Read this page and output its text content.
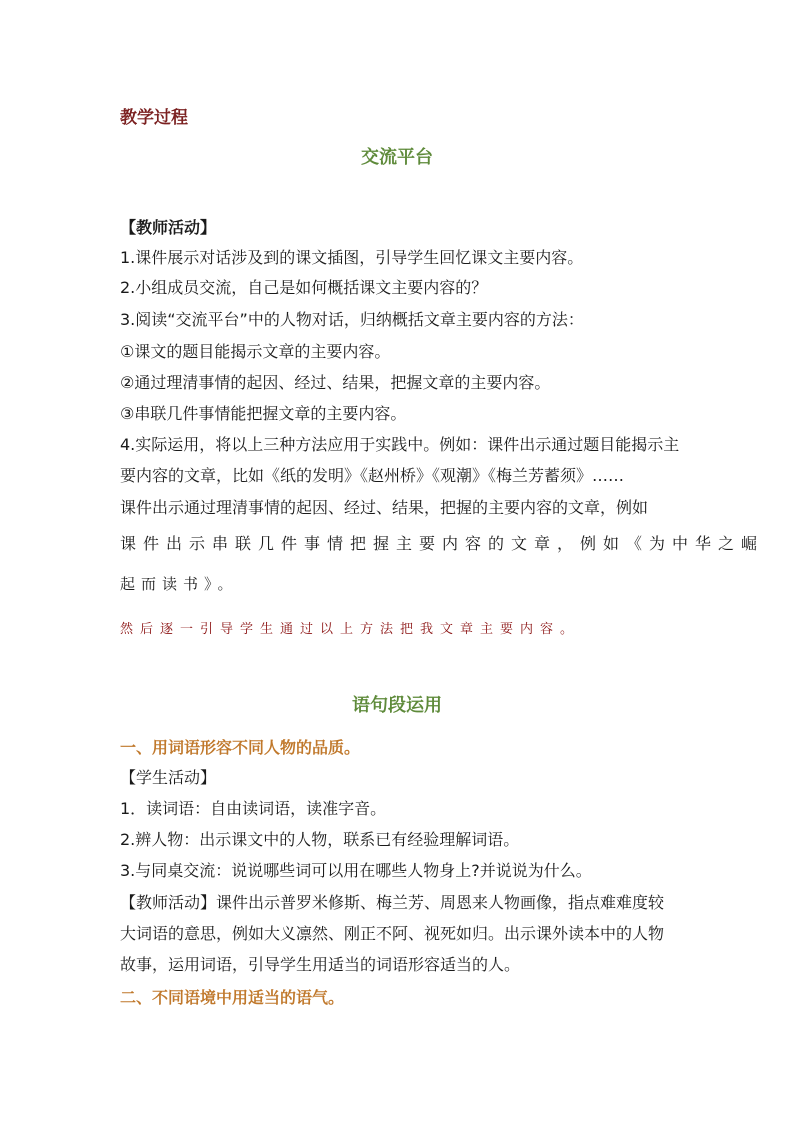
教学过程
交流平台
【教师活动】
1.课件展示对话涉及到的课文插图，引导学生回忆课文主要内容。
2.小组成员交流，自己是如何概括课文主要内容的？
3.阅读“交流平台”中的人物对话，归纳概括文章主要内容的方法：
①课文的题目能揭示文章的主要内容。
②通过理清事情的起因、经过、结果，把握文章的主要内容。
③串联几件事情能把握文章的主要内容。
4.实际运用，将以上三种方法应用于实践中。例如：课件出示通过题目能揭示主
要内容的文章，比如《纸的发明》《赵州桥》《观潮》《梅兰芳蓄须》……
课件出示通过理清事情的起因、经过、结果，把握的主要内容的文章，例如
课件出示串联几件事情把握主要内容的文章，例如《为中华之崛
起而读书》。
然后逐一引导学生通过以上方法把我文章主要内容。
语句段运用
一、用词语形容不同人物的品质。
【学生活动】
1．读词语：自由读词语，读准字音。
2.辨人物：出示课文中的人物，联系已有经验理解词语。
3.与同桌交流：说说哪些词可以用在哪些人物身上?并说说为什么。
【教师活动】课件出示普罗米修斯、梅兰芳、周恩来人物画像，指点难难度较
大词语的意思，例如大义凛然、刚正不阿、视死如归。出示课外读本中的人物
故事，运用词语，引导学生用适当的词语形容适当的人。
二、不同语境中用适当的语气。
